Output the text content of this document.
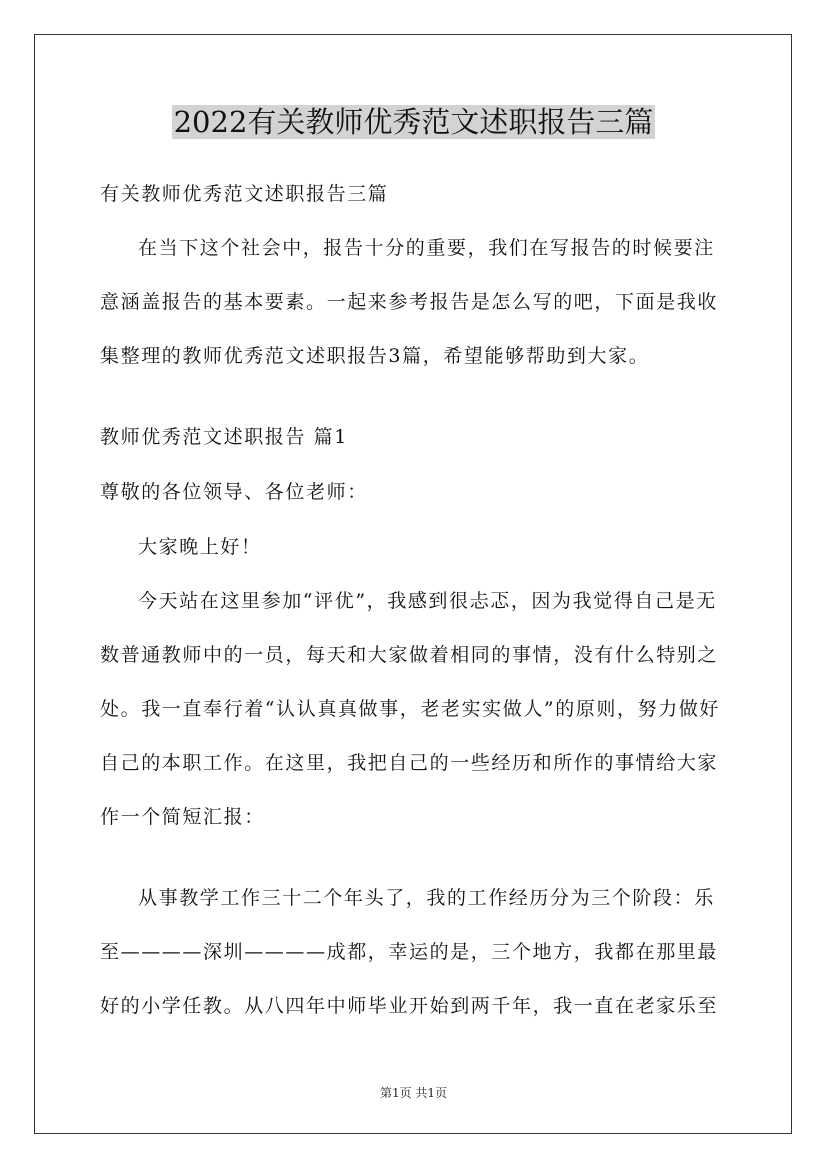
2022有关教师优秀范文述职报告三篇

有关教师优秀范文述职报告三篇

在当下这个社会中，报告十分的重要，我们在写报告的时候要注意涵盖报告的基本要素。一起来参考报告是怎么写的吧，下面是我收集整理的教师优秀范文述职报告3篇，希望能够帮助到大家。

教师优秀范文述职报告 篇1

尊敬的各位领导、各位老师：

大家晚上好！

今天站在这里参加“评优”，我感到很忐忑，因为我觉得自己是无数普通教师中的一员，每天和大家做着相同的事情，没有什么特别之处。我一直奉行着“认认真真做事，老老实实做人”的原则，努力做好自己的本职工作。在这里，我把自己的一些经历和所作的事情给大家作一个简短汇报：

从事教学工作三十二个年头了，我的工作经历分为三个阶段：乐至————深圳————成都，幸运的是，三个地方，我都在那里最好的小学任教。从八四年中师毕业开始到两千年，我一直在老家乐至

第1页 共1页
